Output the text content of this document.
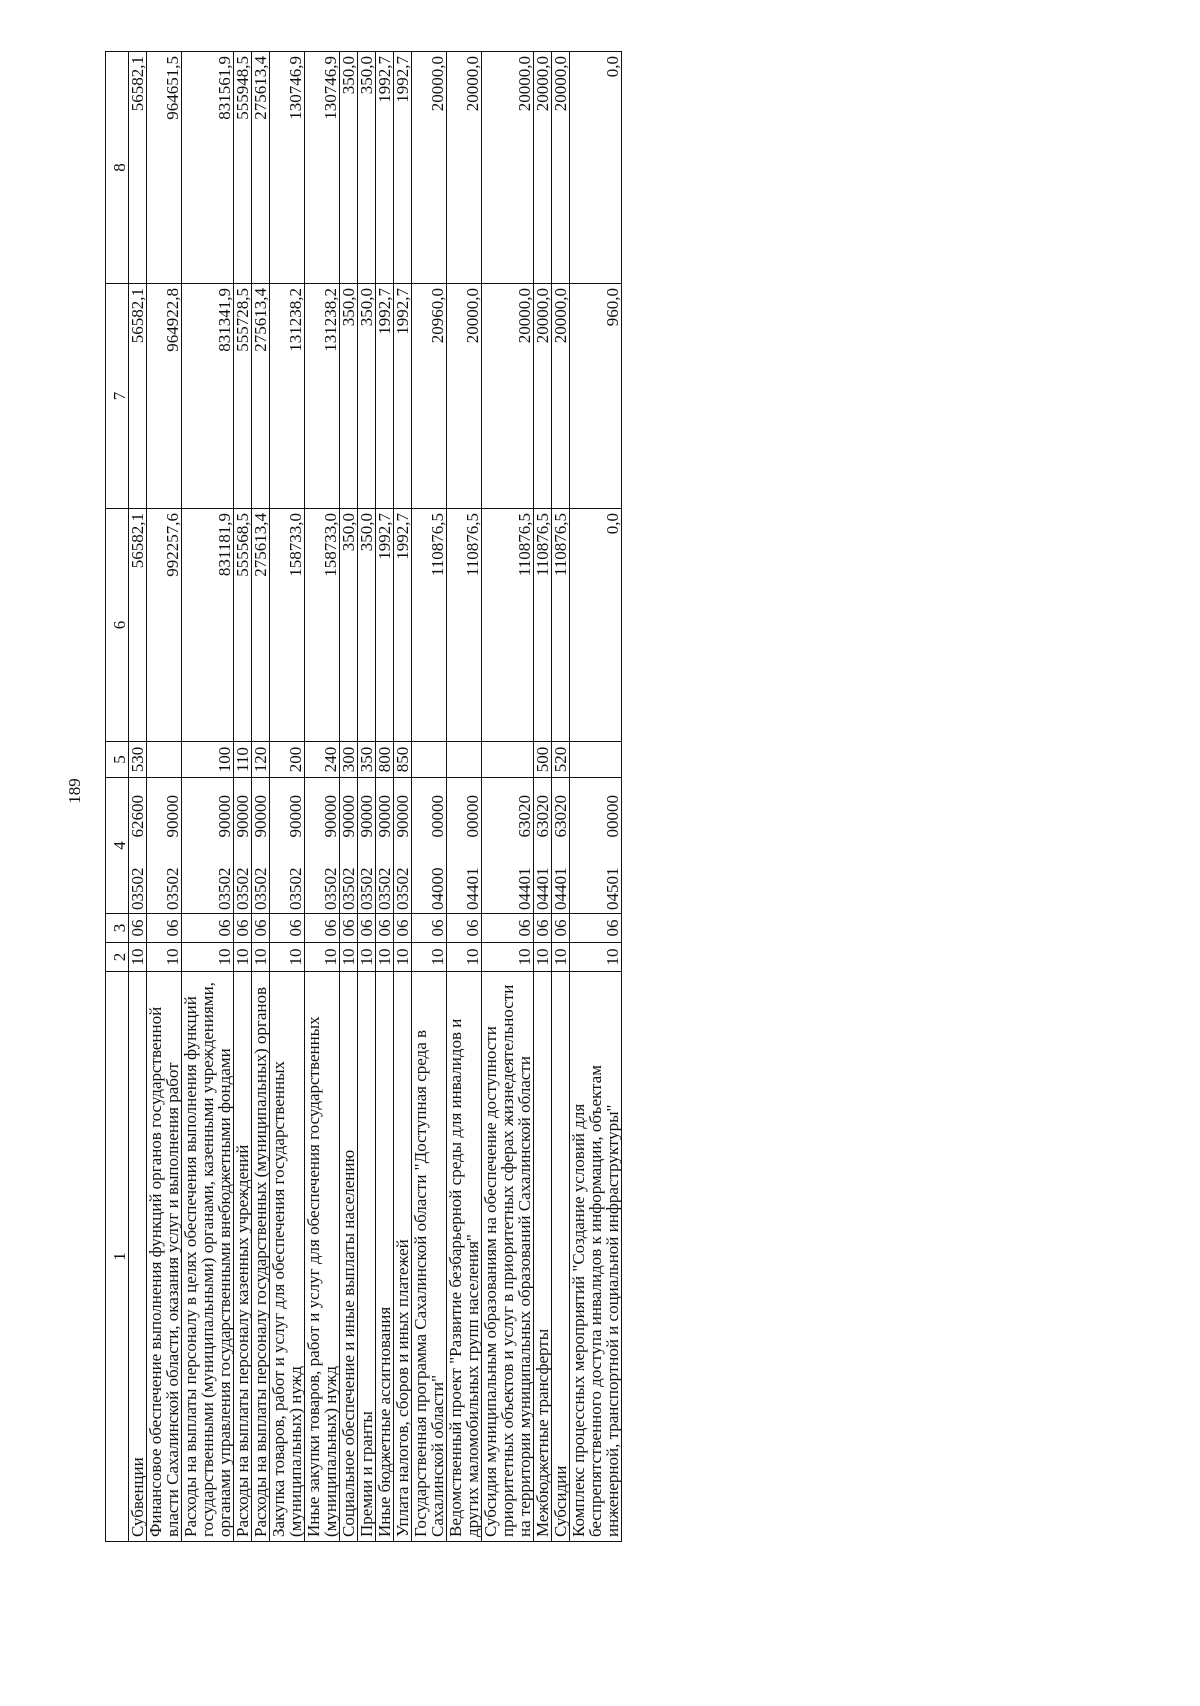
189
1	2	3	4		5	6	7	8
Субвенции	10	06	03502	62600	530	56582,1	56582,1	56582,1
Финансовое обеспечение выполнения функций органов государственной власти Сахалинской области, оказания услуг и выполнения работ	10	06	03502	90000		992257,6	964922,8	964651,5
Расходы на выплаты персоналу в целях обеспечения выполнения функций государственными (муниципальными) органами, казенными учреждениями, органами управления государственными внебюджетными фондами	10	06	03502	90000	100	831181,9	831341,9	831561,9
Расходы на выплаты персоналу казенных учреждений	10	06	03502	90000	110	555568,5	555728,5	555948,5
Расходы на выплаты персоналу государственных (муниципальных) органов	10	06	03502	90000	120	275613,4	275613,4	275613,4
Закупка товаров, работ и услуг для обеспечения государственных (муниципальных) нужд	10	06	03502	90000	200	158733,0	131238,2	130746,9
Иные закупки товаров, работ и услуг для обеспечения государственных (муниципальных) нужд	10	06	03502	90000	240	158733,0	131238,2	130746,9
Социальное обеспечение и иные выплаты населению	10	06	03502	90000	300	350,0	350,0	350,0
Премии и гранты	10	06	03502	90000	350	350,0	350,0	350,0
Иные бюджетные ассигнования	10	06	03502	90000	800	1992,7	1992,7	1992,7
Уплата налогов, сборов и иных платежей	10	06	03502	90000	850	1992,7	1992,7	1992,7
Государственная программа Сахалинской области "Доступная среда в Сахалинской области"	10	06	04000	00000		110876,5	20960,0	20000,0
Ведомственный проект "Развитие безбарьерной среды для инвалидов и других маломобильных групп населения"	10	06	04401	00000		110876,5	20000,0	20000,0
Субсидия муниципальным образованиям на обеспечение доступности приоритетных объектов и услуг в приоритетных сферах жизнедеятельности на территории муниципальных образований Сахалинской области	10	06	04401	63020		110876,5	20000,0	20000,0
Межбюджетные трансферты	10	06	04401	63020	500	110876,5	20000,0	20000,0
Субсидии	10	06	04401	63020	520	110876,5	20000,0	20000,0
Комплекс процессных мероприятий "Создание условий для беспрепятственного доступа инвалидов к информации, объектам инженерной, транспортной и социальной инфраструктуры"	10	06	04501	00000		0,0	960,0	0,0
